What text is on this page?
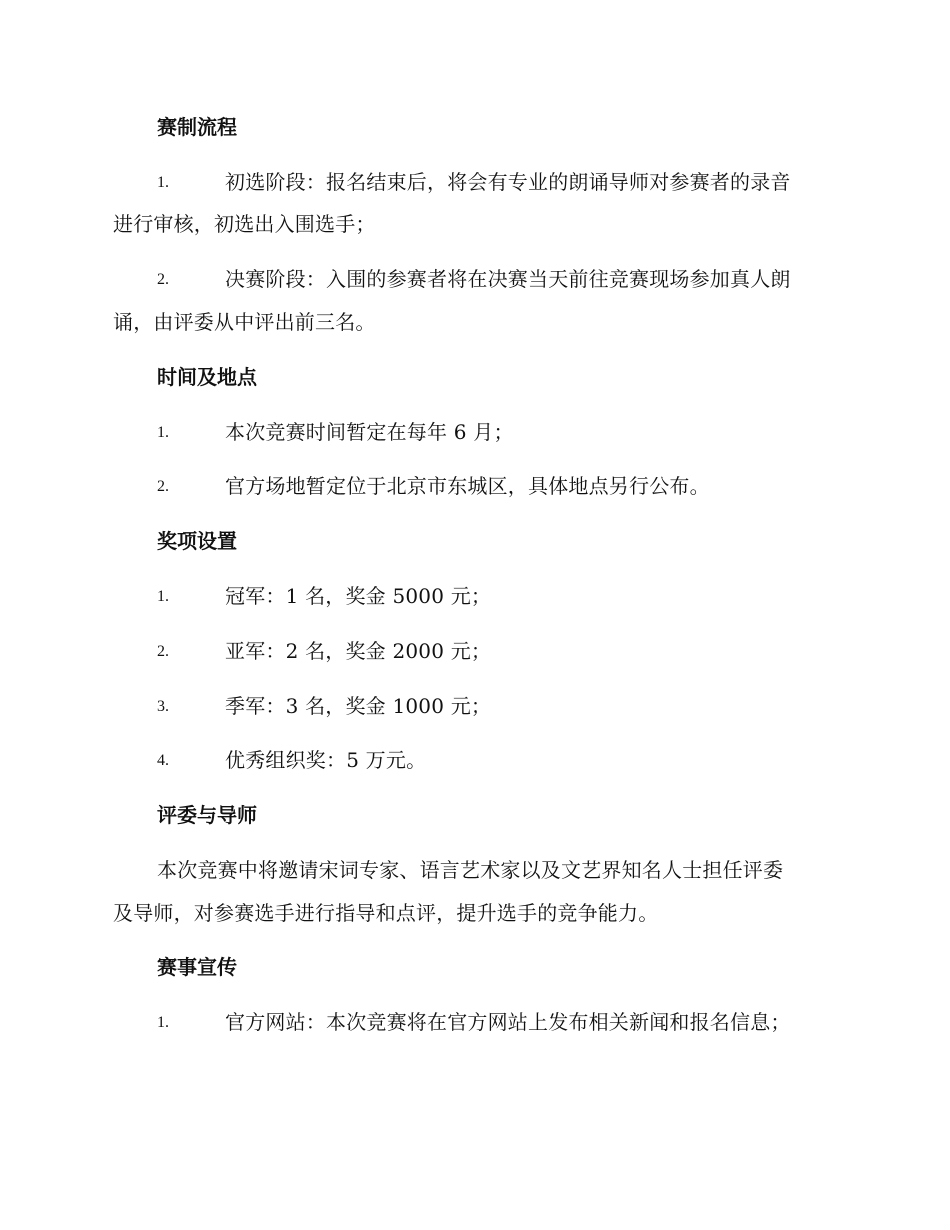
赛制流程
1.	初选阶段：报名结束后，将会有专业的朗诵导师对参赛者的录音
进行审核，初选出入围选手；
2.	决赛阶段：入围的参赛者将在决赛当天前往竞赛现场参加真人朗
诵，由评委从中评出前三名。
时间及地点
1.	本次竞赛时间暂定在每年 6 月；
2.	官方场地暂定位于北京市东城区，具体地点另行公布。
奖项设置
1.	冠军：1 名，奖金 5000 元；
2.	亚军：2 名，奖金 2000 元；
3.	季军：3 名，奖金 1000 元；
4.	优秀组织奖：5 万元。
评委与导师
本次竞赛中将邀请宋词专家、语言艺术家以及文艺界知名人士担任评委
及导师，对参赛选手进行指导和点评，提升选手的竞争能力。
赛事宣传
1.	官方网站：本次竞赛将在官方网站上发布相关新闻和报名信息；
